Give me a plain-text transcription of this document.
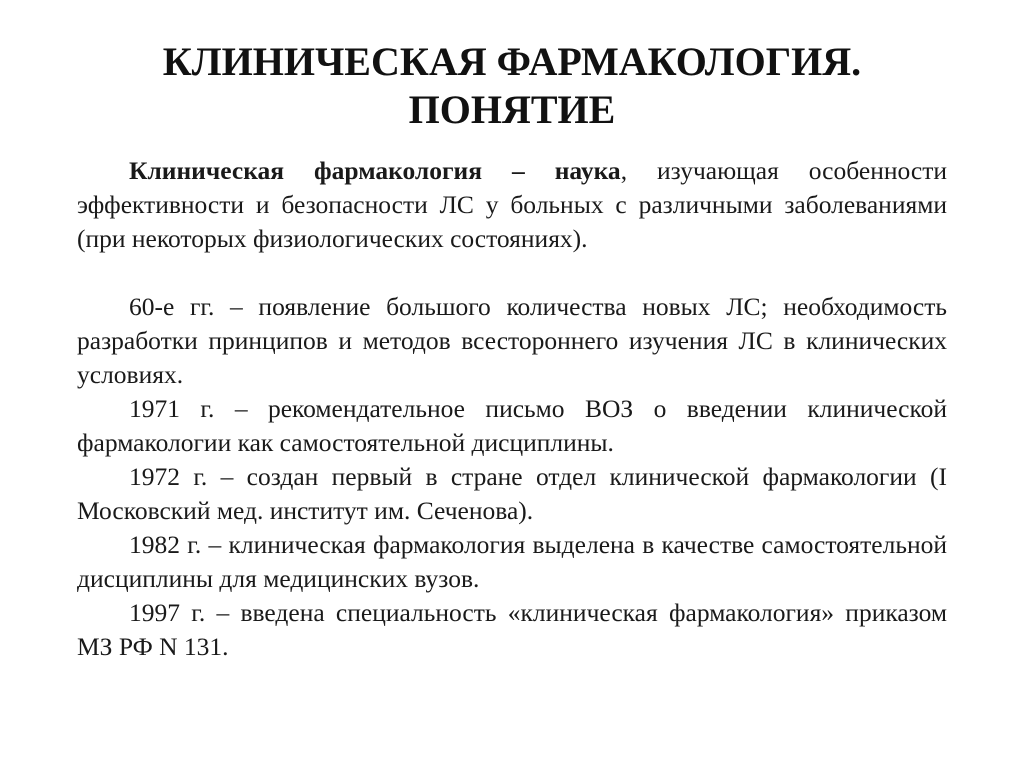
КЛИНИЧЕСКАЯ ФАРМАКОЛОГИЯ.
ПОНЯТИЕ

Клиническая фармакология – наука, изучающая особенности эффективности и безопасности ЛС у больных с различными заболеваниями (при некоторых физиологических состояниях).

60-е гг. – появление большого количества новых ЛС; необходимость разработки принципов и методов всестороннего изучения ЛС в клинических условиях.

1971 г. – рекомендательное письмо ВОЗ о введении клинической фармакологии как самостоятельной дисциплины.

1972 г. – создан первый в стране отдел клинической фармакологии (I Московский мед. институт им. Сеченова).

1982 г. – клиническая фармакология выделена в качестве самостоятельной дисциплины для медицинских вузов.

1997 г. – введена специальность «клиническая фармакология» приказом МЗ РФ N 131.
